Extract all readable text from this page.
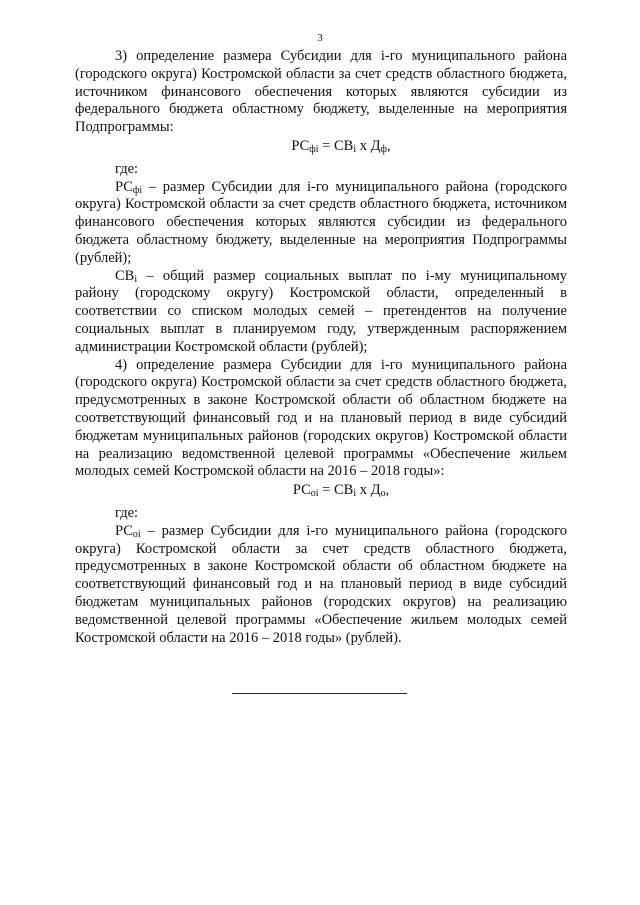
3

3) определение размера Субсидии для i-го муниципального района (городского округа) Костромской области за счет средств областного бюджета, источником финансового обеспечения которых являются субсидии из федерального бюджета областному бюджету, выделенные на мероприятия Подпрограммы:

$РС_{фi} = СВ_i$ х $Д_ф$,

где:

$РС_{фi}$ – размер Субсидии для i-го муниципального района (городского округа) Костромской области за счет средств областного бюджета, источником финансового обеспечения которых являются субсидии из федерального бюджета областному бюджету, выделенные на мероприятия Подпрограммы (рублей);

$СВ_i$ – общий размер социальных выплат по i-му муниципальному району (городскому округу) Костромской области, определенный в соответствии со списком молодых семей – претендентов на получение социальных выплат в планируемом году, утвержденным распоряжением администрации Костромской области (рублей);

4) определение размера Субсидии для i-го муниципального района (городского округа) Костромской области за счет средств областного бюджета, предусмотренных в законе Костромской области об областном бюджете на соответствующий финансовый год и на плановый период в виде субсидий бюджетам муниципальных районов (городских округов) Костромской области на реализацию ведомственной целевой программы «Обеспечение жильем молодых семей Костромской области на 2016 – 2018 годы»:

$РС_{оi} = СВ_i$ х $Д_о$,

где:

$РС_{оi}$ – размер Субсидии для i-го муниципального района (городского округа) Костромской области за счет средств областного бюджета, предусмотренных в законе Костромской области об областном бюджете на соответствующий финансовый год и на плановый период в виде субсидий бюджетам муниципальных районов (городских округов) на реализацию ведомственной целевой программы «Обеспечение жильем молодых семей Костромской области на 2016 – 2018 годы» (рублей).
